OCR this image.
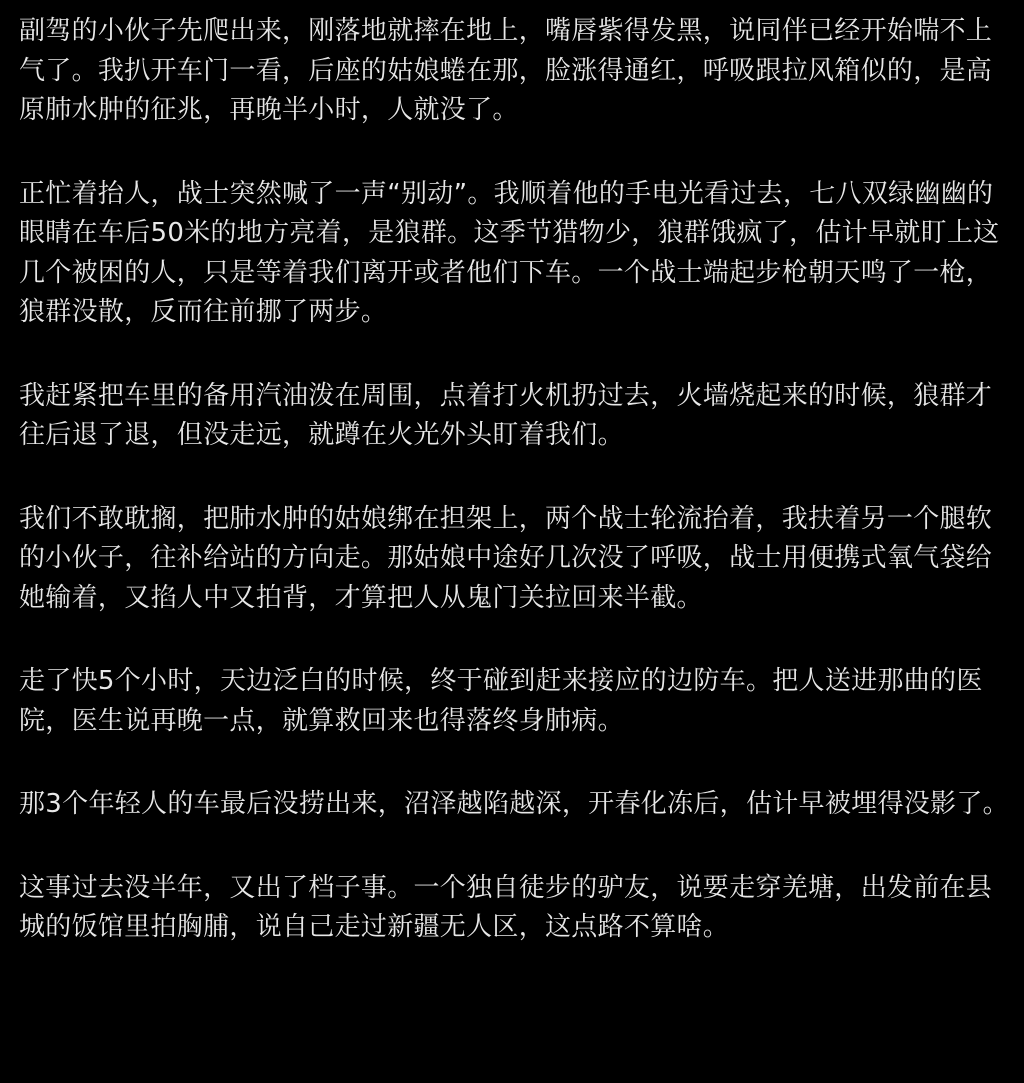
副驾的小伙子先爬出来，刚落地就摔在地上，嘴唇紫得发黑，说同伴已经开始喘不上气了。我扒开车门一看，后座的姑娘蜷在那，脸涨得通红，呼吸跟拉风箱似的，是高原肺水肿的征兆，再晚半小时，人就没了。

正忙着抬人，战士突然喊了一声“别动”。我顺着他的手电光看过去，七八双绿幽幽的眼睛在车后50米的地方亮着，是狼群。这季节猎物少，狼群饿疯了，估计早就盯上这几个被困的人，只是等着我们离开或者他们下车。一个战士端起步枪朝天鸣了一枪，狼群没散，反而往前挪了两步。

我赶紧把车里的备用汽油泼在周围，点着打火机扔过去，火墙烧起来的时候，狼群才往后退了退，但没走远，就蹲在火光外头盯着我们。

我们不敢耽搁，把肺水肿的姑娘绑在担架上，两个战士轮流抬着，我扶着另一个腿软的小伙子，往补给站的方向走。那姑娘中途好几次没了呼吸，战士用便携式氧气袋给她输着，又掐人中又拍背，才算把人从鬼门关拉回来半截。

走了快5个小时，天边泛白的时候，终于碰到赶来接应的边防车。把人送进那曲的医院，医生说再晚一点，就算救回来也得落终身肺病。

那3个年轻人的车最后没捞出来，沼泽越陷越深，开春化冻后，估计早被埋得没影了。

这事过去没半年，又出了档子事。一个独自徒步的驴友，说要走穿羌塘，出发前在县城的饭馆里拍胸脯，说自己走过新疆无人区，这点路不算啥。
